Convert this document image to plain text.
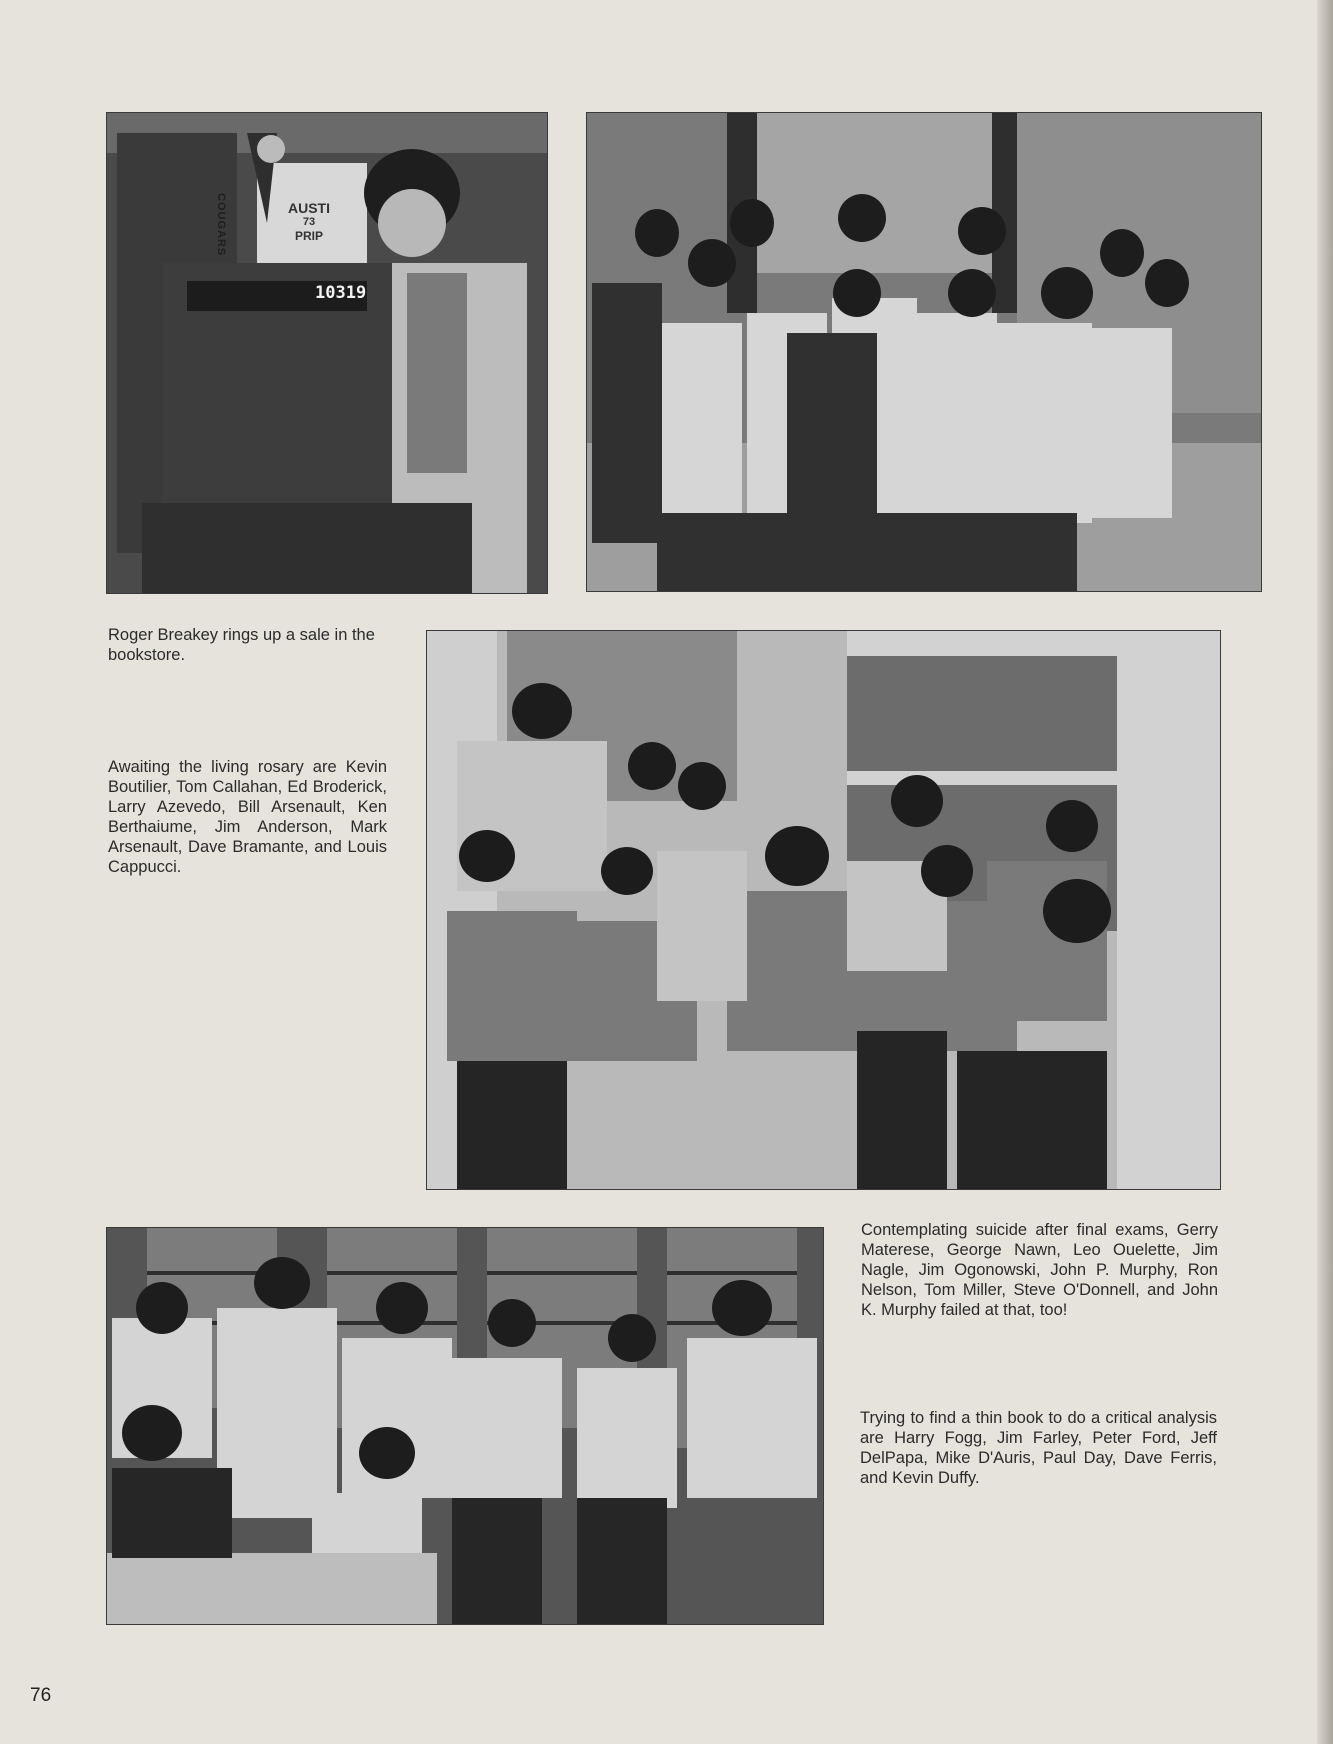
10319
COUGARS	AUSTI
73
PRIP

Roger Breakey rings up a sale in the bookstore.

Awaiting the living rosary are Kevin Boutilier, Tom Callahan, Ed Broderick, Larry Azevedo, Bill Arsenault, Ken Berthaiume, Jim Anderson, Mark Arsenault, Dave Bramante, and Louis Cappucci.

Contemplating suicide after final exams, Gerry Materese, George Nawn, Leo Ouelette, Jim Nagle, Jim Ogonowski, John P. Murphy, Ron Nelson, Tom Miller, Steve O'Donnell, and John K. Murphy failed at that, too!

Trying to find a thin book to do a critical analysis are Harry Fogg, Jim Farley, Peter Ford, Jeff DelPapa, Mike D'Auris, Paul Day, Dave Ferris, and Kevin Duffy.

76
